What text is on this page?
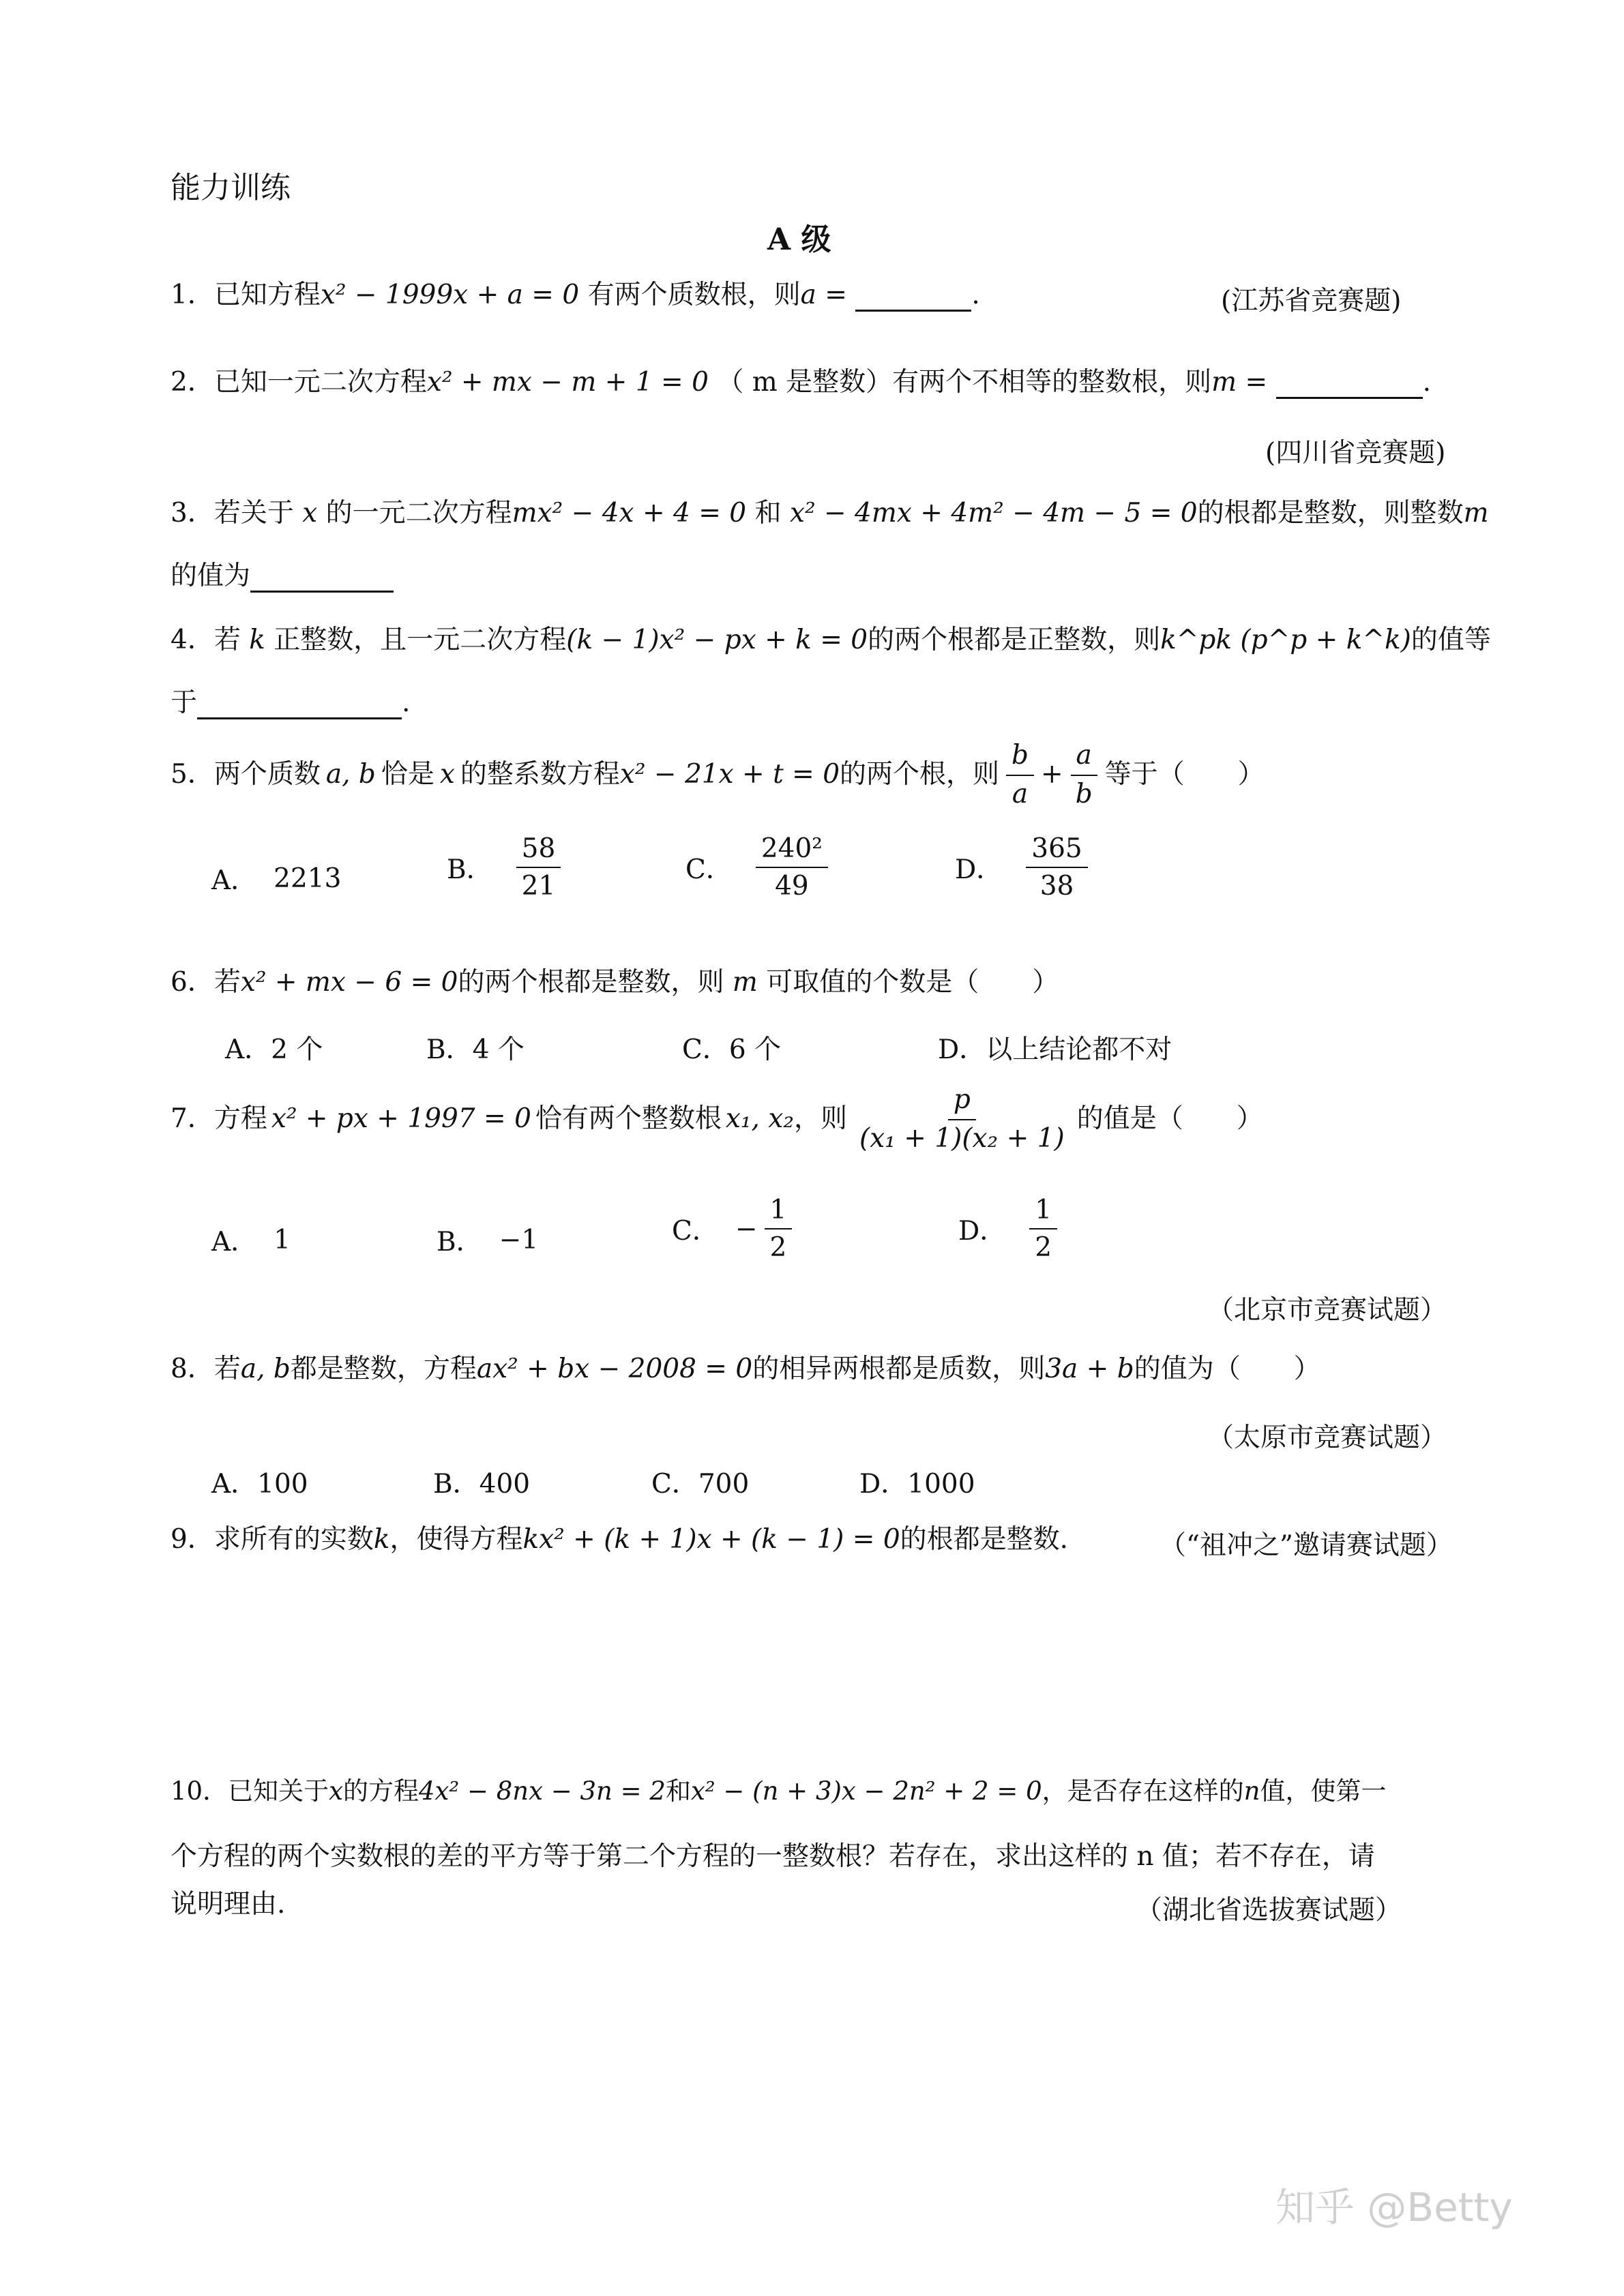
能力训练
A 级
1．已知方程x² − 1999x + a = 0 有两个质数根，则a =	.	(江苏省竞赛题)
2．已知一元二次方程x² + mx − m + 1 = 0 （ m 是整数）有两个不相等的整数根，则m =	.
(四川省竞赛题)
3．若关于 x 的一元二次方程mx² − 4x + 4 = 0 和 x² − 4mx + 4m² − 4m − 5 = 0的根都是整数，则整数m
的值为
4．若 k 正整数，且一元二次方程(k − 1)x² − px + k = 0的两个根都是正整数，则k^pk (p^p + k^k)的值等
于	.
5．两个质数 a, b 恰是 x 的整系数方程 x² − 21x + t = 0 的两个根，则 $\frac{b}{a} + \frac{a}{b}$ 等于（　　）
A． 2213	B． $\frac{58}{21}$	C． $\frac{\text{240²}}{49}$	D． $\frac{365}{38}$
6．若x² + mx − 6 = 0的两个根都是整数，则 m 可取值的个数是（　　）
A．2 个	B．4 个	C．6 个	D．以上结论都不对
7．方程 x² + px + 1997 = 0 恰有两个整数根 x₁, x₂ ，则 $\frac{p}{\text{(x₁ + 1)(x₂ + 1)}}$ 的值是（　　）
A． 1	B． −1	C． − $\frac{1}{2}$	D． $\frac{1}{2}$
（北京市竞赛试题）
8．若a, b都是整数，方程ax² + bx − 2008 = 0的相异两根都是质数，则3a + b的值为（　　）
（太原市竞赛试题）
A．100	B．400	C．700	D．1000
9．求所有的实数k，使得方程kx² + (k + 1)x + (k − 1) = 0的根都是整数.	（“祖冲之”邀请赛试题）
10．已知关于x的方程4x² − 8nx − 3n = 2和x² − (n + 3)x − 2n² + 2 = 0，是否存在这样的n值，使第一
个方程的两个实数根的差的平方等于第二个方程的一整数根？若存在，求出这样的 n 值；若不存在，请
说明理由.	（湖北省选拔赛试题）
知乎 @Betty
